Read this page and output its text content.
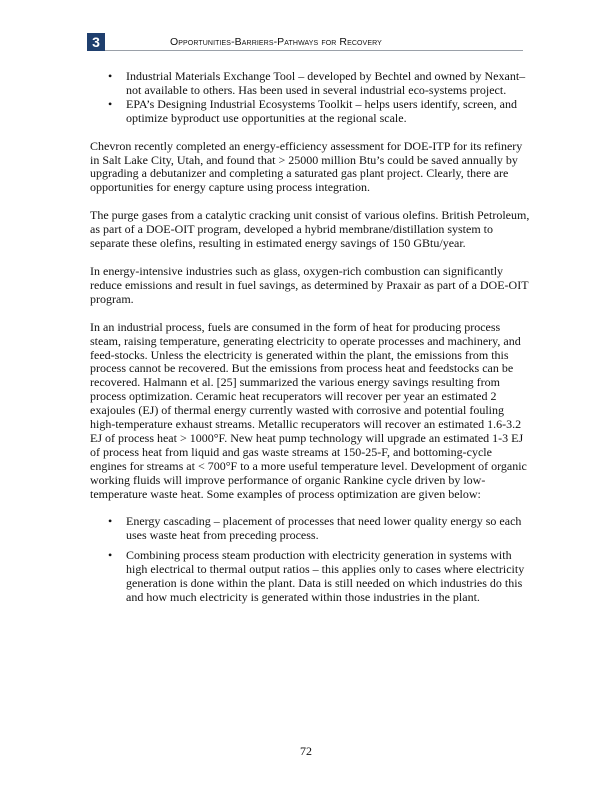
3	Opportunities-Barriers-Pathways for Recovery
• Industrial Materials Exchange Tool – developed by Bechtel and owned by Nexant– not available to others. Has been used in several industrial eco-systems project.
• EPA’s Designing Industrial Ecosystems Toolkit – helps users identify, screen, and optimize byproduct use opportunities at the regional scale.

Chevron recently completed an energy-efficiency assessment for DOE-ITP for its refinery in Salt Lake City, Utah, and found that > 25000 million Btu’s could be saved annually by upgrading a debutanizer and completing a saturated gas plant project. Clearly, there are opportunities for energy capture using process integration.

The purge gases from a catalytic cracking unit consist of various olefins. British Petroleum, as part of a DOE-OIT program, developed a hybrid membrane/distillation system to separate these olefins, resulting in estimated energy savings of 150 GBtu/year.

In energy-intensive industries such as glass, oxygen-rich combustion can significantly reduce emissions and result in fuel savings, as determined by Praxair as part of a DOE-OIT program.

In an industrial process, fuels are consumed in the form of heat for producing process steam, raising temperature, generating electricity to operate processes and machinery, and feed-stocks. Unless the electricity is generated within the plant, the emissions from this process cannot be recovered. But the emissions from process heat and feedstocks can be recovered. Halmann et al. [25] summarized the various energy savings resulting from process optimization. Ceramic heat recuperators will recover per year an estimated 2 exajoules (EJ) of thermal energy currently wasted with corrosive and potential fouling high-temperature exhaust streams. Metallic recuperators will recover an estimated 1.6-3.2 EJ of process heat > 1000°F. New heat pump technology will upgrade an estimated 1-3 EJ of process heat from liquid and gas waste streams at 150-25-F, and bottoming-cycle engines for streams at < 700°F to a more useful temperature level. Development of organic working fluids will improve performance of organic Rankine cycle driven by low-temperature waste heat. Some examples of process optimization are given below:

• Energy cascading – placement of processes that need lower quality energy so each uses waste heat from preceding process.
• Combining process steam production with electricity generation in systems with high electrical to thermal output ratios – this applies only to cases where electricity generation is done within the plant. Data is still needed on which industries do this and how much electricity is generated within those industries in the plant.
72
